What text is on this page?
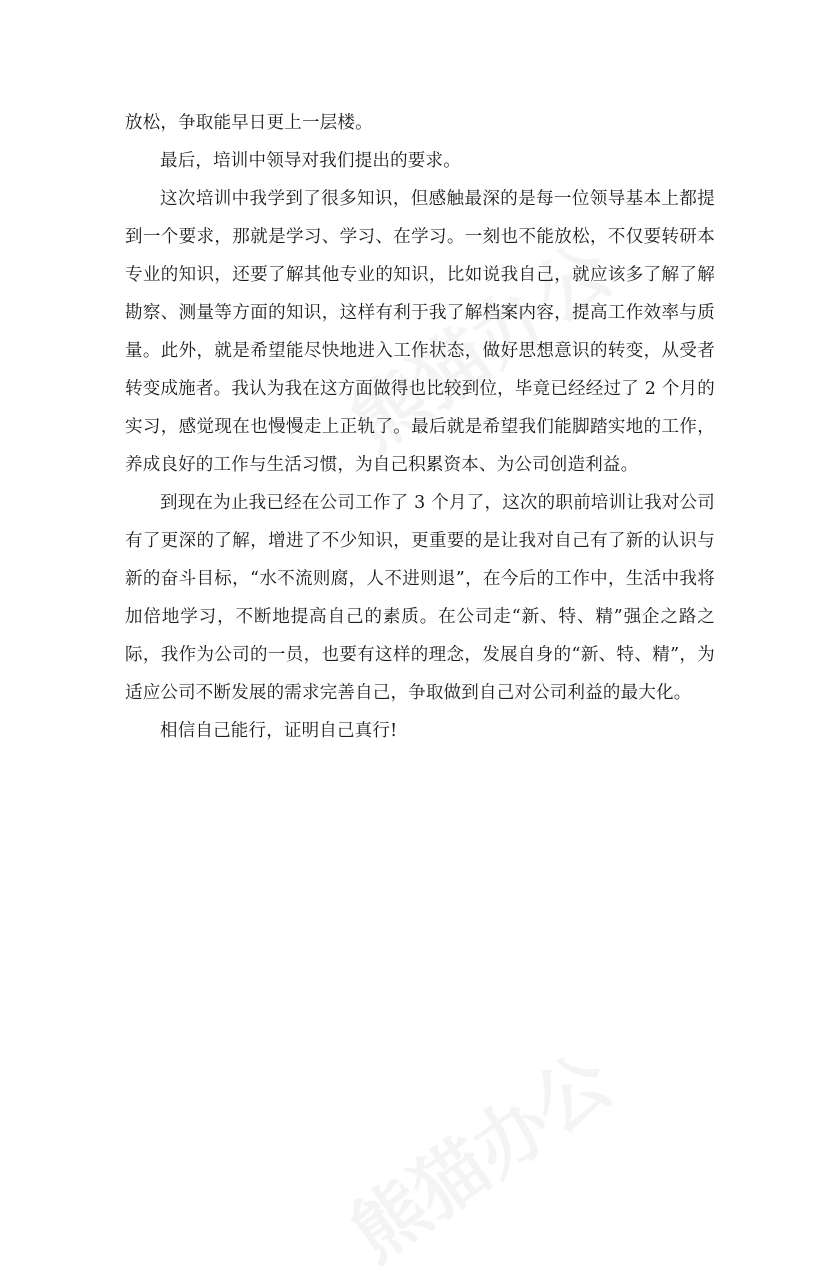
放松，争取能早日更上一层楼。

最后，培训中领导对我们提出的要求。

这次培训中我学到了很多知识，但感触最深的是每一位领导基本上都提到一个要求，那就是学习、学习、在学习。一刻也不能放松，不仅要转研本专业的知识，还要了解其他专业的知识，比如说我自己，就应该多了解了解勘察、测量等方面的知识，这样有利于我了解档案内容，提高工作效率与质量。此外，就是希望能尽快地进入工作状态，做好思想意识的转变，从受者转变成施者。我认为我在这方面做得也比较到位，毕竟已经经过了 2 个月的实习，感觉现在也慢慢走上正轨了。最后就是希望我们能脚踏实地的工作，养成良好的工作与生活习惯，为自己积累资本、为公司创造利益。

到现在为止我已经在公司工作了 3 个月了，这次的职前培训让我对公司有了更深的了解，增进了不少知识，更重要的是让我对自己有了新的认识与新的奋斗目标，“水不流则腐，人不进则退”，在今后的工作中，生活中我将加倍地学习，不断地提高自己的素质。在公司走“新、特、精”强企之路之际，我作为公司的一员，也要有这样的理念，发展自身的“新、特、精”，为适应公司不断发展的需求完善自己，争取做到自己对公司利益的最大化。

相信自己能行，证明自己真行!
